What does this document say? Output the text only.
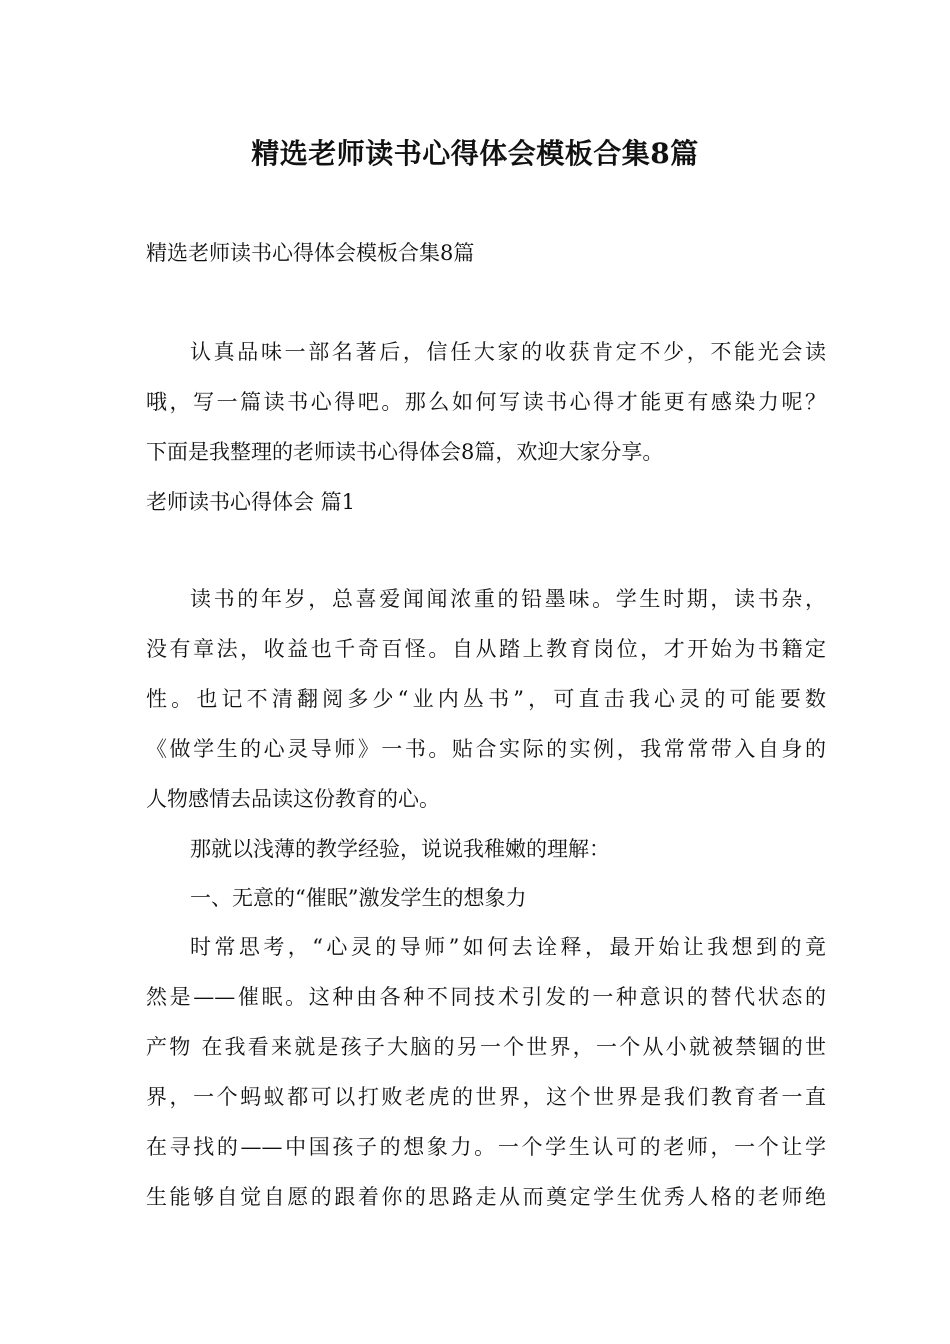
精选老师读书心得体会模板合集8篇
精选老师读书心得体会模板合集8篇
认真品味一部名著后，信任大家的收获肯定不少，不能光会读
哦，写一篇读书心得吧。那么如何写读书心得才能更有感染力呢？
下面是我整理的老师读书心得体会8篇，欢迎大家分享。
老师读书心得体会 篇1
读书的年岁，总喜爱闻闻浓重的铅墨味。学生时期，读书杂，
没有章法，收益也千奇百怪。自从踏上教育岗位，才开始为书籍定
性。也记不清翻阅多少“业内丛书”，可直击我心灵的可能要数
《做学生的心灵导师》一书。贴合实际的实例，我常常带入自身的
人物感情去品读这份教育的心。
那就以浅薄的教学经验，说说我稚嫩的理解：
一、无意的“催眠”激发学生的想象力
时常思考，“心灵的导师”如何去诠释，最开始让我想到的竟
然是——催眠。这种由各种不同技术引发的一种意识的替代状态的
产物 在我看来就是孩子大脑的另一个世界，一个从小就被禁锢的世
界，一个蚂蚁都可以打败老虎的世界，这个世界是我们教育者一直
在寻找的——中国孩子的想象力。一个学生认可的老师，一个让学
生能够自觉自愿的跟着你的思路走从而奠定学生优秀人格的老师绝
